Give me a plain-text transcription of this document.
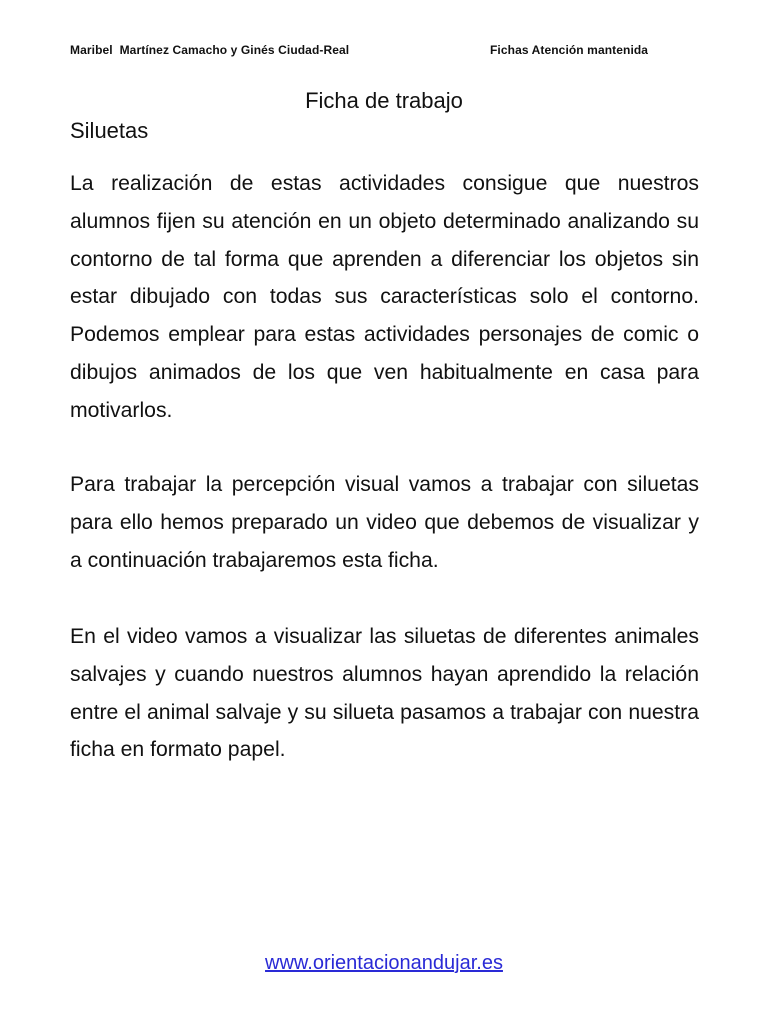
Maribel  Martínez Camacho y Ginés Ciudad-Real	Fichas Atención mantenida
Ficha de trabajo
Siluetas

La realización de estas actividades consigue que nuestros alumnos fijen su atención en un objeto determinado analizando su contorno de tal forma que aprenden a diferenciar los objetos sin estar dibujado con todas sus características solo el contorno. Podemos emplear para estas actividades personajes de comic o dibujos animados de los que ven habitualmente en casa para motivarlos.

Para trabajar la percepción visual vamos a trabajar con siluetas para ello hemos preparado un video que debemos de visualizar y a continuación trabajaremos esta ficha.

En el video vamos a visualizar las siluetas de diferentes animales salvajes y cuando nuestros alumnos hayan aprendido la relación entre el animal salvaje y su silueta pasamos a trabajar con nuestra ficha en formato papel.

www.orientacionandujar.es
